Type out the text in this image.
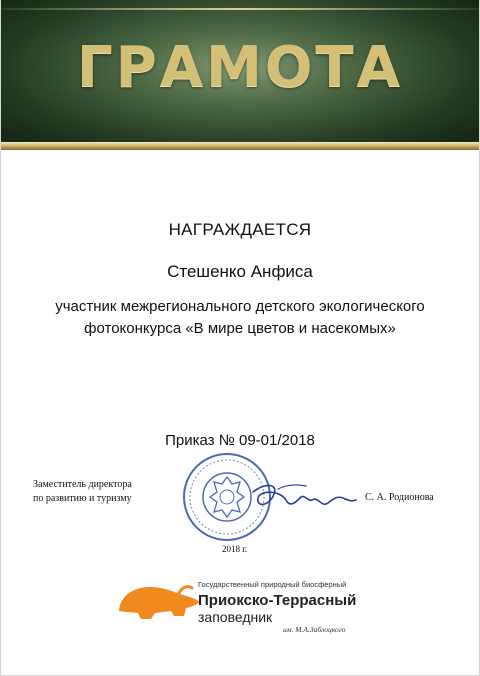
ГРАМОТА
НАГРАЖДАЕТСЯ
Стешенко Анфиса
участник межрегионального детского экологического
фотоконкурса «В мире цветов и насекомых»
Приказ № 09-01/2018
Заместитель директора
по развитию и туризму	С. А. Родионова
2018 г.
Государственный природный биосферный
Приокско-Террасный
заповедник
им. М.А.Заблоцкого
